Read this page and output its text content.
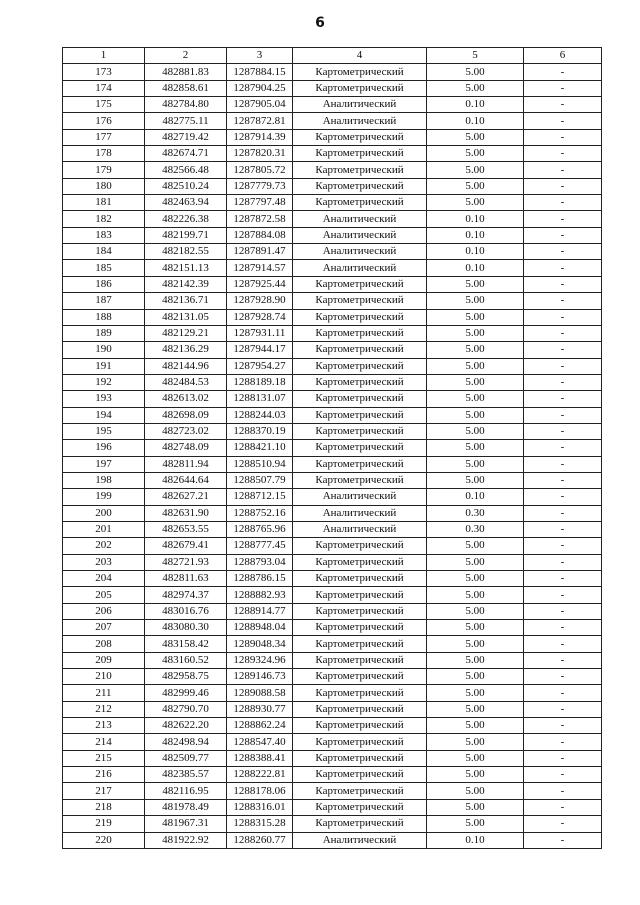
6
1	2	3	4	5	6
173	482881.83	1287884.15	Картометрический	5.00	-
174	482858.61	1287904.25	Картометрический	5.00	-
175	482784.80	1287905.04	Аналитический	0.10	-
176	482775.11	1287872.81	Аналитический	0.10	-
177	482719.42	1287914.39	Картометрический	5.00	-
178	482674.71	1287820.31	Картометрический	5.00	-
179	482566.48	1287805.72	Картометрический	5.00	-
180	482510.24	1287779.73	Картометрический	5.00	-
181	482463.94	1287797.48	Картометрический	5.00	-
182	482226.38	1287872.58	Аналитический	0.10	-
183	482199.71	1287884.08	Аналитический	0.10	-
184	482182.55	1287891.47	Аналитический	0.10	-
185	482151.13	1287914.57	Аналитический	0.10	-
186	482142.39	1287925.44	Картометрический	5.00	-
187	482136.71	1287928.90	Картометрический	5.00	-
188	482131.05	1287928.74	Картометрический	5.00	-
189	482129.21	1287931.11	Картометрический	5.00	-
190	482136.29	1287944.17	Картометрический	5.00	-
191	482144.96	1287954.27	Картометрический	5.00	-
192	482484.53	1288189.18	Картометрический	5.00	-
193	482613.02	1288131.07	Картометрический	5.00	-
194	482698.09	1288244.03	Картометрический	5.00	-
195	482723.02	1288370.19	Картометрический	5.00	-
196	482748.09	1288421.10	Картометрический	5.00	-
197	482811.94	1288510.94	Картометрический	5.00	-
198	482644.64	1288507.79	Картометрический	5.00	-
199	482627.21	1288712.15	Аналитический	0.10	-
200	482631.90	1288752.16	Аналитический	0.30	-
201	482653.55	1288765.96	Аналитический	0.30	-
202	482679.41	1288777.45	Картометрический	5.00	-
203	482721.93	1288793.04	Картометрический	5.00	-
204	482811.63	1288786.15	Картометрический	5.00	-
205	482974.37	1288882.93	Картометрический	5.00	-
206	483016.76	1288914.77	Картометрический	5.00	-
207	483080.30	1288948.04	Картометрический	5.00	-
208	483158.42	1289048.34	Картометрический	5.00	-
209	483160.52	1289324.96	Картометрический	5.00	-
210	482958.75	1289146.73	Картометрический	5.00	-
211	482999.46	1289088.58	Картометрический	5.00	-
212	482790.70	1288930.77	Картометрический	5.00	-
213	482622.20	1288862.24	Картометрический	5.00	-
214	482498.94	1288547.40	Картометрический	5.00	-
215	482509.77	1288388.41	Картометрический	5.00	-
216	482385.57	1288222.81	Картометрический	5.00	-
217	482116.95	1288178.06	Картометрический	5.00	-
218	481978.49	1288316.01	Картометрический	5.00	-
219	481967.31	1288315.28	Картометрический	5.00	-
220	481922.92	1288260.77	Аналитический	0.10	-
